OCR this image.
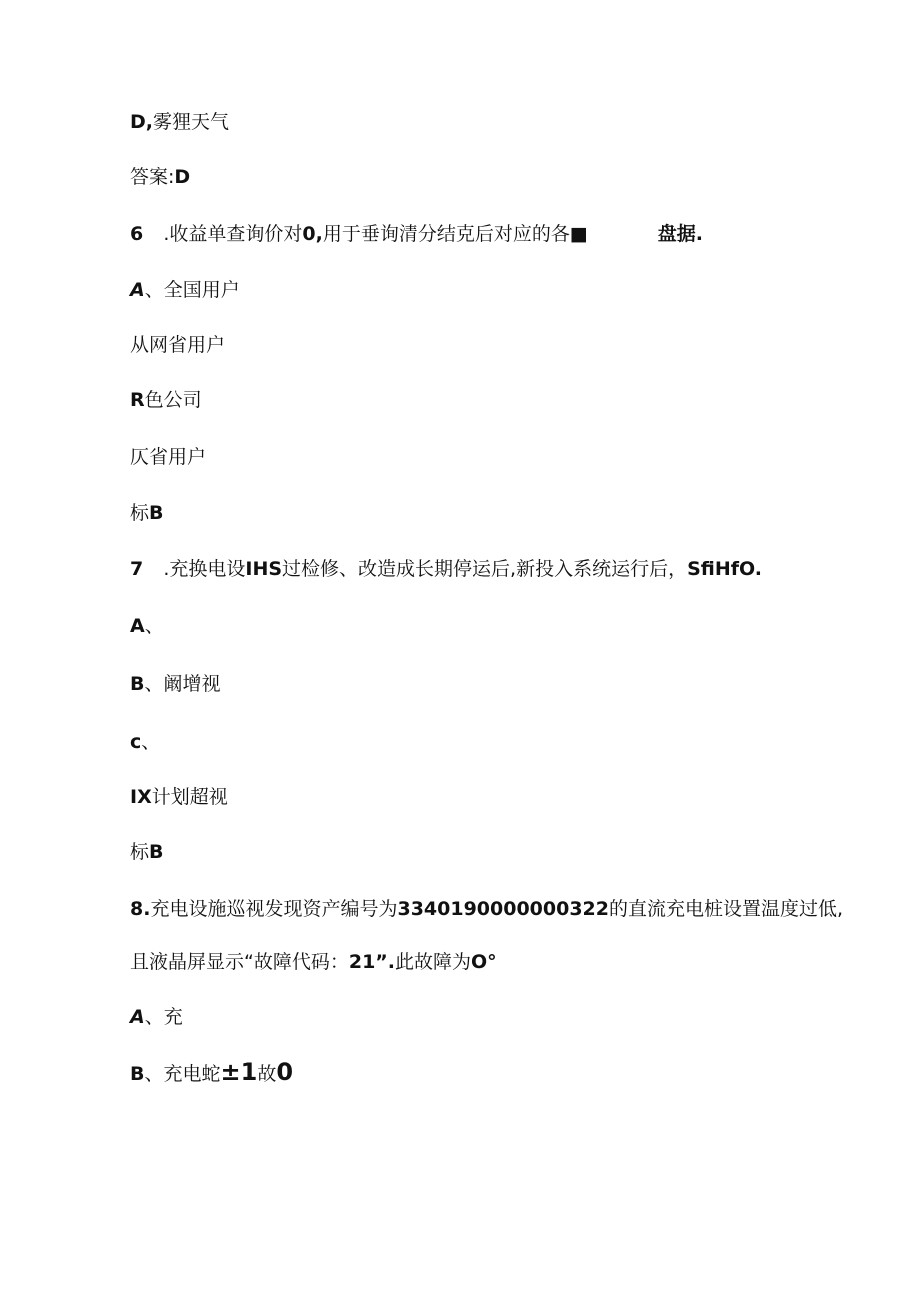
D,雾狸天气
答案:D
6 .收益单查询价对0,用于垂询清分结克后对应的各■	盘据.
A、全国用户
从网省用户
R色公司
仄省用户
标B
7 .充换电设IHS过检修、改造成长期停运后,新投入系统运行后，SfiHfO.
A、
B、阚增视
c、
IX计划超视
标B
8.充电设施巡视发现资产编号为3340190000000322的直流充电桩设置温度过低,
且液晶屏显示“故障代码：21”.此故障为O°
A、充
B、充电蛇±1故0
